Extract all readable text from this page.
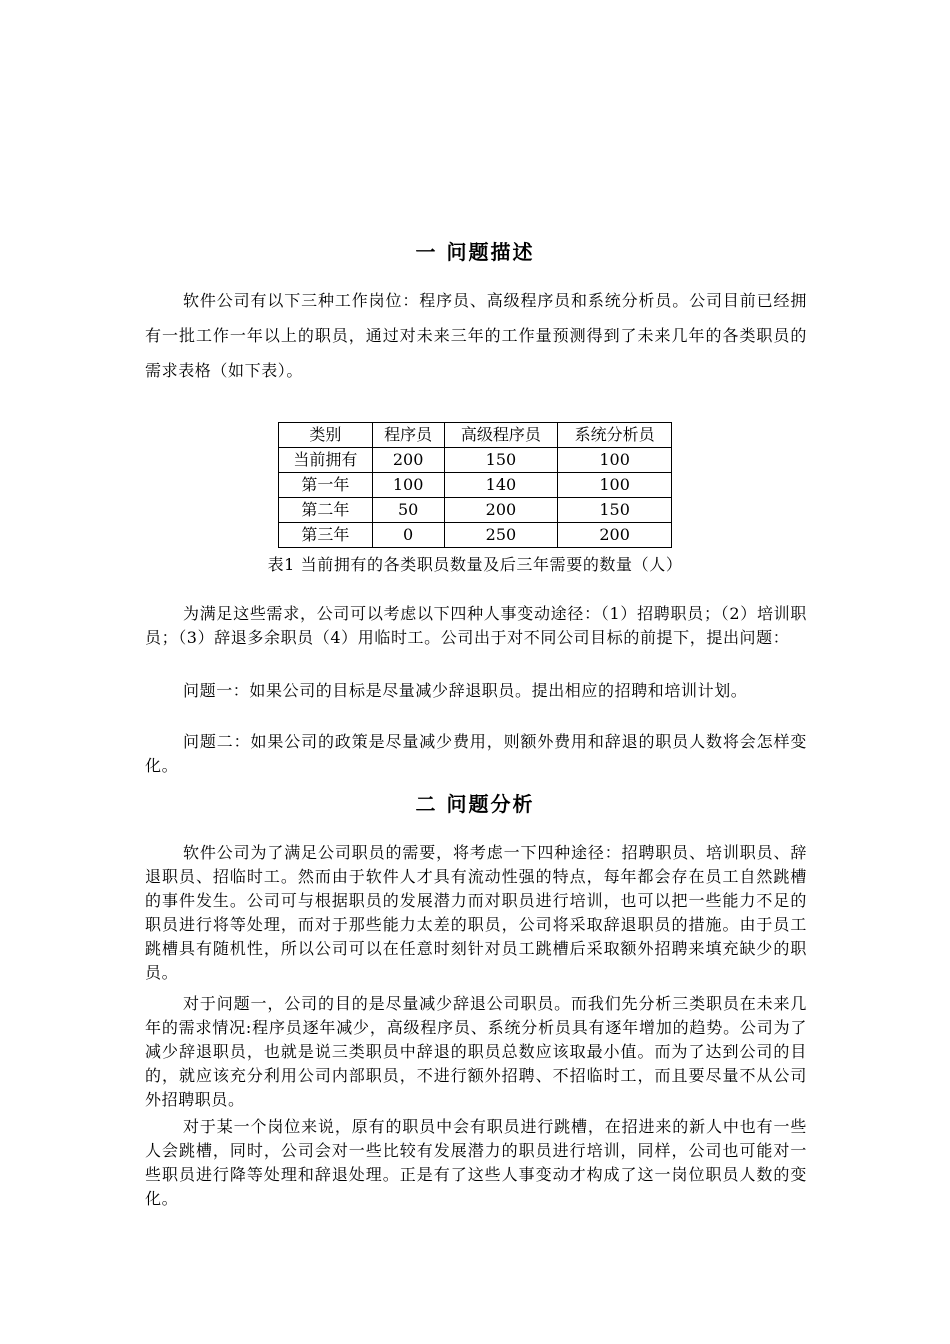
一 问题描述

软件公司有以下三种工作岗位：程序员、高级程序员和系统分析员。公司目前已经拥有一批工作一年以上的职员，通过对未来三年的工作量预测得到了未来几年的各类职员的需求表格（如下表）。

类别	程序员	高级程序员	系统分析员
当前拥有	200	150	100
第一年	100	140	100
第二年	50	200	150
第三年	0	250	200

表1 当前拥有的各类职员数量及后三年需要的数量（人）

为满足这些需求，公司可以考虑以下四种人事变动途径：（1）招聘职员；（2）培训职员；（3）辞退多余职员（4）用临时工。公司出于对不同公司目标的前提下，提出问题：

问题一：如果公司的目标是尽量减少辞退职员。提出相应的招聘和培训计划。

问题二：如果公司的政策是尽量减少费用，则额外费用和辞退的职员人数将会怎样变化。

二 问题分析

软件公司为了满足公司职员的需要，将考虑一下四种途径：招聘职员、培训职员、辞退职员、招临时工。然而由于软件人才具有流动性强的特点，每年都会存在员工自然跳槽的事件发生。公司可与根据职员的发展潜力而对职员进行培训，也可以把一些能力不足的职员进行将等处理，而对于那些能力太差的职员，公司将采取辞退职员的措施。由于员工跳槽具有随机性，所以公司可以在任意时刻针对员工跳槽后采取额外招聘来填充缺少的职员。

对于问题一，公司的目的是尽量减少辞退公司职员。而我们先分析三类职员在未来几年的需求情况:程序员逐年减少，高级程序员、系统分析员具有逐年增加的趋势。公司为了减少辞退职员，也就是说三类职员中辞退的职员总数应该取最小值。而为了达到公司的目的，就应该充分利用公司内部职员，不进行额外招聘、不招临时工，而且要尽量不从公司外招聘职员。

对于某一个岗位来说，原有的职员中会有职员进行跳槽，在招进来的新人中也有一些人会跳槽，同时，公司会对一些比较有发展潜力的职员进行培训，同样，公司也可能对一些职员进行降等处理和辞退处理。正是有了这些人事变动才构成了这一岗位职员人数的变化。
